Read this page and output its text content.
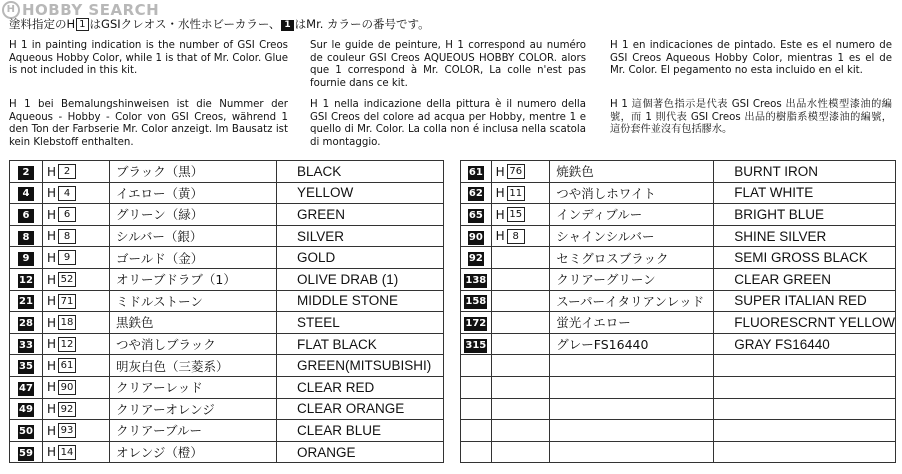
H HOBBY SEARCH
塗料指定のH 1 はGSIクレオス・水性ホビーカラー、 1 はMr. カラーの番号です。
H 1 in painting indication is the number of GSI Creos Aqueous Hobby Color, while 1 is that of Mr. Color. Glue is not included in this kit.
Sur le guide de peinture, H 1 correspond au numéro de couleur GSI Creos AQUEOUS HOBBY COLOR. alors que 1 correspond à Mr. COLOR, La colle n'est pas fournie dans ce kit.
H 1 en indicaciones de pintado. Este es el numero de GSI Creos Aqueous Hobby Color, mientras 1 es el de Mr. Color. El pegamento no esta incluido en el kit.
H 1 bei Bemalungshinweisen ist die Nummer der Aqueous - Hobby - Color von GSI Creos, während 1 den Ton der Farbserie Mr. Color anzeigt. Im Bausatz ist kein Klebstoff enthalten.
H 1 nella indicazione della pittura è il numero della GSI Creos del colore ad acqua per Hobby, mentre 1 e quello di Mr. Color. La colla non é inclusa nella scatola di montaggio.
H 1 這個著色指示是代表 GSI Creos 出品水性模型漆油的編號，而 1 則代表 GSI Creos 出品的樹脂系模型漆油的編號，這份套件並沒有包括膠水。
2	H 2	ブラック（黒）	BLACK
4	H 4	イエロー（黄）	YELLOW
6	H 6	グリーン（緑）	GREEN
8	H 8	シルバー（銀）	SILVER
9	H 9	ゴールド（金）	GOLD
12	H 52	オリーブドラブ（1）	OLIVE DRAB (1)
21	H 71	ミドルストーン	MIDDLE STONE
28	H 18	黒鉄色	STEEL
33	H 12	つや消しブラック	FLAT BLACK
35	H 61	明灰白色（三菱系）	GREEN(MITSUBISHI)
47	H 90	クリアーレッド	CLEAR RED
49	H 92	クリアーオレンジ	CLEAR ORANGE
50	H 93	クリアーブルー	CLEAR BLUE
59	H 14	オレンジ（橙）	ORANGE
61	H 76	焼鉄色	BURNT IRON
62	H 11	つや消しホワイト	FLAT WHITE
65	H 15	インディブルー	BRIGHT BLUE
90	H 8	シャインシルバー	SHINE SILVER
92		セミグロスブラック	SEMI GROSS BLACK
138		クリアーグリーン	CLEAR GREEN
158		スーパーイタリアンレッド	SUPER ITALIAN RED
172		蛍光イエロー	FLUORESCRNT YELLOW
315		グレーFS16440	GRAY FS16440
